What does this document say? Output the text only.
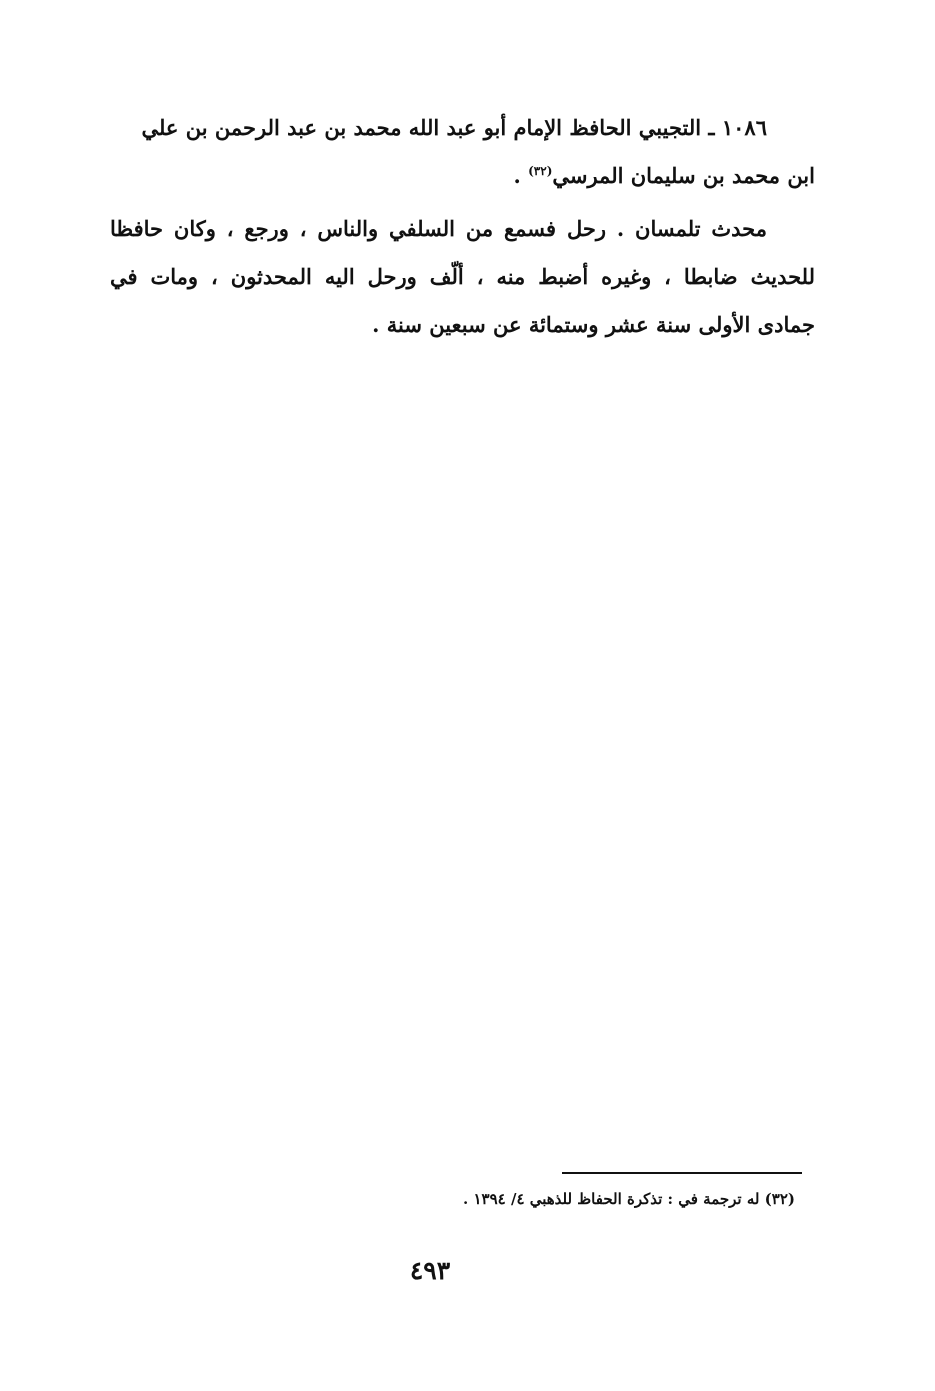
١٠٨٦ ـ التجيبي الحافظ الإمام أبو عبد الله محمد بن عبد الرحمن بن علي
ابن محمد بن سليمان المرسي$^{(٣٢)}$ .
محدث تلمسان . رحل فسمع من السلفي والناس ، ورجع ، وكان حافظا
للحديث ضابطا ، وغيره أضبط منه ، ألّف ورحل اليه المحدثون ، ومات في
جمادى الأولى سنة عشر وستمائة عن سبعين سنة .
(٣٢) له ترجمة في : تذكرة الحفاظ للذهبي ٤/ ١٣٩٤ .
٤٩٣
